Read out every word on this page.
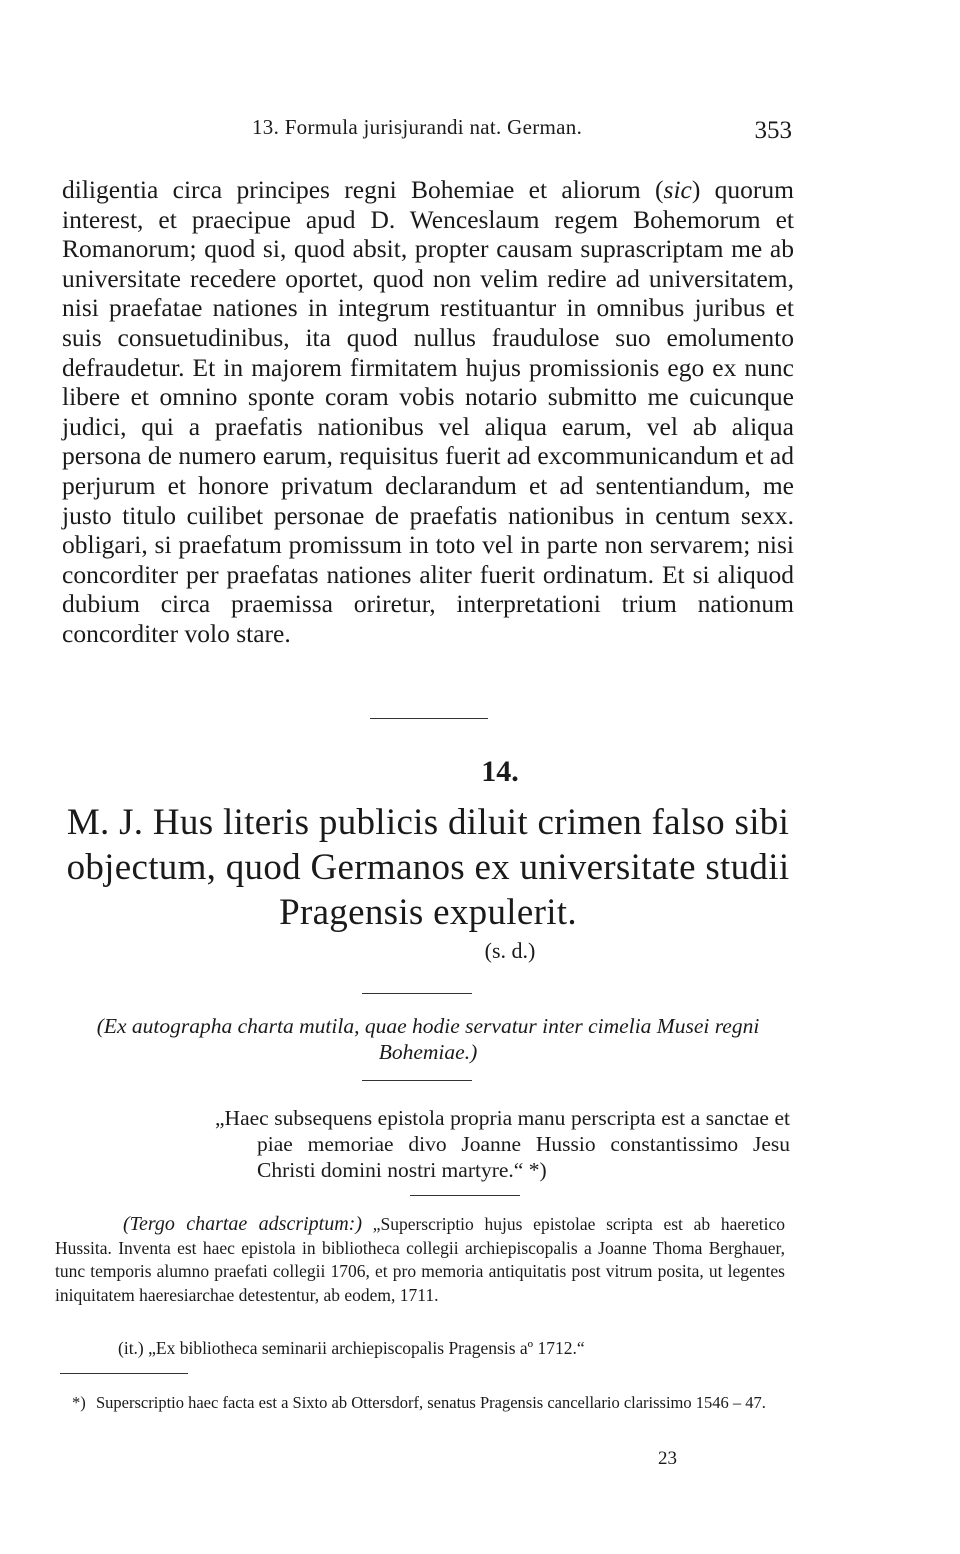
13. Formula jurisjurandi nat. German.	353

diligentia circa principes regni Bohemiae et aliorum (sic) quorum interest, et praecipue apud D. Wenceslaum regem Bohemorum et Romanorum; quod si, quod absit, propter causam suprascriptam me ab universitate recedere oportet, quod non velim redire ad universitatem, nisi praefatae nationes in integrum restituantur in omnibus juribus et suis consuetudinibus, ita quod nullus fraudulose suo emolumento defraudetur. Et in majorem firmitatem hujus promissionis ego ex nunc libere et omnino sponte coram vobis notario submitto me cuicunque judici, qui a praefatis nationibus vel aliqua earum, vel ab aliqua persona de numero earum, requisitus fuerit ad excommunicandum et ad perjurum et honore privatum declarandum et ad sententiandum, me justo titulo cuilibet personae de praefatis nationibus in centum sexx. obligari, si praefatum promissum in toto vel in parte non servarem; nisi concorditer per praefatas nationes aliter fuerit ordinatum. Et si aliquod dubium circa praemissa oriretur, interpretationi trium nationum concorditer volo stare.

14.
M. J. Hus literis publicis diluit crimen falso sibi objectum, quod Germanos ex universitate studii Pragensis expulerit.
(s. d.)
(Ex autographa charta mutila, quae hodie servatur inter cimelia Musei regni Bohemiae.)
„Haec subsequens epistola propria manu perscripta est a sanctae et piae memoriae divo Joanne Hussio constantissimo Jesu Christi domini nostri martyre.“ *)
(Tergo chartae adscriptum:) „Superscriptio hujus epistolae scripta est ab haeretico Hussita. Inventa est haec epistola in bibliotheca collegii archiepiscopalis a Joanne Thoma Berghauer, tunc temporis alumno praefati collegii 1706, et pro memoria antiquitatis post vitrum posita, ut legentes iniquitatem haeresiarchae detestentur, ab eodem, 1711.
(it.) „Ex bibliotheca seminarii archiepiscopalis Pragensis aº 1712.“
*) Superscriptio haec facta est a Sixto ab Ottersdorf, senatus Pragensis cancellario clarissimo 1546 – 47.
23
